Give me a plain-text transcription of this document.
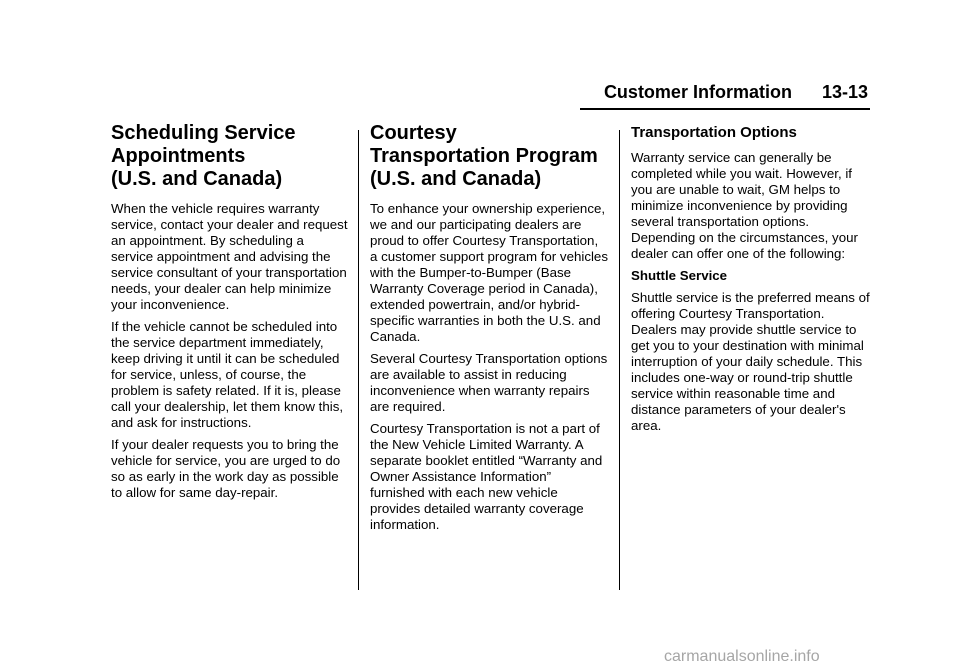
Customer Information 13-13
Scheduling Service
Appointments
(U.S. and Canada)

When the vehicle requires warranty service, contact your dealer and request an appointment. By scheduling a service appointment and advising the service consultant of your transportation needs, your dealer can help minimize your inconvenience.

If the vehicle cannot be scheduled into the service department immediately, keep driving it until it can be scheduled for service, unless, of course, the problem is safety related. If it is, please call your dealership, let them know this, and ask for instructions.

If your dealer requests you to bring the vehicle for service, you are urged to do so as early in the work day as possible to allow for same day-repair.

Courtesy
Transportation Program
(U.S. and Canada)

To enhance your ownership experience, we and our participating dealers are proud to offer Courtesy Transportation, a customer support program for vehicles with the Bumper-to-Bumper (Base Warranty Coverage period in Canada), extended powertrain, and/or hybrid-specific warranties in both the U.S. and Canada.

Several Courtesy Transportation options are available to assist in reducing inconvenience when warranty repairs are required.

Courtesy Transportation is not a part of the New Vehicle Limited Warranty. A separate booklet entitled “Warranty and Owner Assistance Information” furnished with each new vehicle provides detailed warranty coverage information.

Transportation Options

Warranty service can generally be completed while you wait. However, if you are unable to wait, GM helps to minimize inconvenience by providing several transportation options. Depending on the circumstances, your dealer can offer one of the following:

Shuttle Service

Shuttle service is the preferred means of offering Courtesy Transportation. Dealers may provide shuttle service to get you to your destination with minimal interruption of your daily schedule. This includes one-way or round-trip shuttle service within reasonable time and distance parameters of your dealer's area.

carmanualsonline.info
